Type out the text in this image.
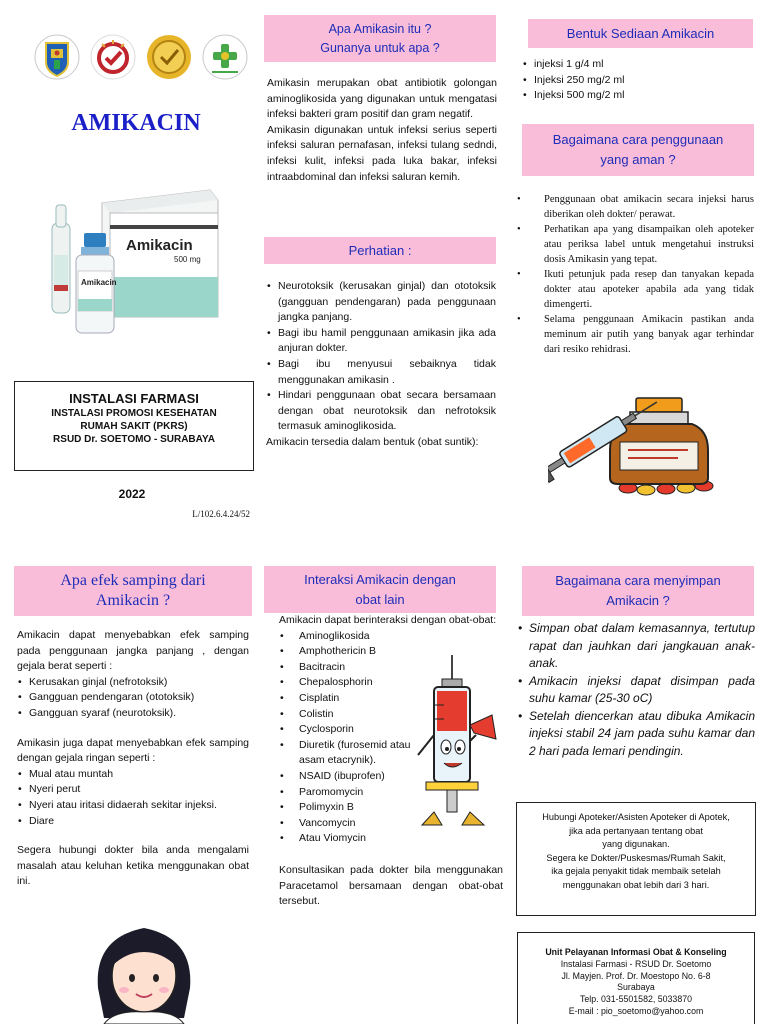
AMIKACIN
Amikacin
500 mg
Amikacin
INSTALASI FARMASI
INSTALASI PROMOSI KESEHATAN
RUMAH SAKIT (PKRS)
RSUD Dr. SOETOMO - SURABAYA
2022
L/102.6.4.24/52
Apa Amikasin itu ?
Gunanya untuk apa ?

Amikasin merupakan obat antibiotik golongan aminoglikosida yang digunakan untuk mengatasi infeksi bakteri gram positif dan gram negatif.

Amikasin digunakan untuk infeksi serius seperti infeksi saluran pernafasan, infeksi tulang sedndi, infeksi kulit, infeksi pada luka bakar, infeksi intraabdominal dan infeksi saluran kemih.

Perhatian :
• Neurotoksik (kerusakan ginjal) dan ototoksik (gangguan pendengaran) pada penggunaan jangka panjang.
• Bagi ibu hamil penggunaan amikasin jika ada anjuran dokter.
• Bagi ibu menyusui sebaiknya tidak menggunakan amikasin .
• Hindari penggunaan obat secara bersamaan dengan obat neurotoksik dan nefrotoksik termasuk aminoglikosida.

Amikacin tersedia dalam bentuk (obat suntik):

Bentuk Sediaan Amikacin
• injeksi 1 g/4 ml
• Injeksi 250 mg/2 ml
• Injeksi 500 mg/2 ml
Bagaimana cara penggunaan
yang aman ?
• Penggunaan obat amikacin secara injeksi harus diberikan oleh dokter/ perawat.
• Perhatikan apa yang disampaikan oleh apoteker atau periksa label untuk mengetahui instruksi dosis Amikasin yang tepat.
• Ikuti petunjuk pada resep dan tanyakan kepada dokter atau apoteker apabila ada yang tidak dimengerti.
• Selama penggunaan Amikacin pastikan anda meminum air putih yang banyak agar terhindar dari resiko rehidrasi.
Apa efek samping dari
Amikacin ?

Amikacin dapat menyebabkan efek samping pada penggunaan jangka panjang , dengan gejala berat seperti :

• Kerusakan ginjal (nefrotoksik)
• Gangguan pendengaran (ototoksik)
• Gangguan syaraf (neurotoksik).

Amikasin juga dapat menyebabkan efek samping dengan gejala ringan seperti :

• Mual atau muntah
• Nyeri perut
• Nyeri atau iritasi didaerah sekitar injeksi.
• Diare

Segera hubungi dokter bila anda mengalami masalah atau keluhan ketika menggunakan obat ini.

Interaksi Amikacin dengan
obat lain

Amikacin dapat berinteraksi dengan obat-obat:

• Aminoglikosida
• Amphothericin B
• Bacitracin
• Chepalosphorin
• Cisplatin
• Colistin
• Cyclosporin
• Diuretik (furosemid atau asam etacrynik).
• NSAID (ibuprofen)
• Paromomycin
• Polimyxin B
• Vancomycin
• Atau Viomycin

Konsultasikan pada dokter bila menggunakan Paracetamol bersamaan dengan obat-obat tersebut.

Bagaimana cara menyimpan
Amikacin ?
• Simpan obat dalam kemasannya, tertutup rapat dan jauhkan dari jangkauan anak-anak.
• Amikacin injeksi dapat disimpan pada suhu kamar (25-30 oC)
• Setelah diencerkan atau dibuka Amikacin injeksi stabil 24 jam pada suhu kamar dan 2 hari pada lemari pendingin.
Hubungi Apoteker/Asisten Apoteker di Apotek,
jika ada pertanyaan tentang obat
yang digunakan.
Segera ke Dokter/Puskesmas/Rumah Sakit,
ika gejala penyakit tidak membaik setelah
menggunakan obat lebih dari 3 hari.
Unit Pelayanan Informasi Obat & Konseling
Instalasi Farmasi - RSUD Dr. Soetomo
Jl. Mayjen. Prof. Dr. Moestopo No. 6-8
Surabaya
Telp. 031-5501582, 5033870
E-mail : pio_soetomo@yahoo.com
